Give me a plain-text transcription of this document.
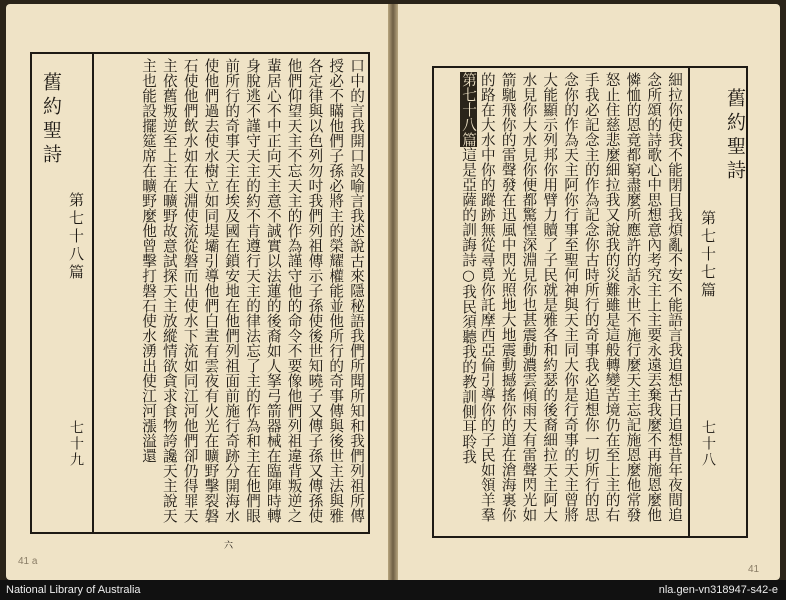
舊約聖詩
第七十八篇
七十九	口中的言我開口設喻言我述說古來隱秘語我們所聞所知和我們列祖所傳授必不瞞他們子孫必將主的榮耀權能並他所行的奇事傳與後世主法與雅各定律與以色列勿吋我們列祖傳示子孫使後世知曉子又傳子孫又傳孫使他們仰望天主不忘天主的作為謹守他的命令不要像他們列祖違背叛逆之輩居心不中正向天主意不誠實以法蓮的後裔如人拏弓箭器械在臨陣時轉身脫逃不謹守天主的約不肯遵行天主的律法忘了主的作為和主在他們眼前所行的奇事天主在埃及國在鎖安地在他們列祖面前施行奇跡分開海水使他們過去使水樹立如同堤壩引導他們白晝有雲夜有火光在曠野擊裂磐石使他們飲水如在大淵使流從磐而出使水下流如同江河他們卻仍得罪天主依舊叛逆至上主在曠野故意試探天主放縱情欲貪求食物誇讒天主說天主也能設擺筵席在曠野麼他曾擊打磐石使水湧出使江河漲溢還
六
41 a
舊約聖詩
第七十七篇
七十八
細拉你使我不能閉目我煩亂不安不能語言我追想古日追想昔年夜間追念所頌的詩歌心中思想意內考究主上主要永遠丟棄我麼不再施恩麼他憐恤的恩竟都窮盡麼所應許的話永世不施行麼天主忘記施恩麼他常發怒止住慈悲麼細拉我又說我的災難雖是這般轉變苦境仍在至上主的右手我必記念主的作為記念你古時所行的奇事我必追想你一切所行的思念你的作為天主阿你行事至聖何神與天主同大你是行奇事的天主曾將大能顯示列邦你用臂力贖了子民就是雅各和約瑟的後裔細拉天主阿大水見你大水見你便都驚惶深淵見你也甚震動濃雲傾雨天有雷聲閃光如箭馳飛你的雷聲發在迅風中閃光照地大地震動撼搖你的道在滄海裏你的路在大水中你的蹤跡無從尋覓你託摩西亞倫引導你的子民如領羊羣
第七十八篇這是亞薩的訓誨詩○我民須聽我的教訓側耳聆我
41
National Library of Australia	nla.gen-vn318947-s42-e
